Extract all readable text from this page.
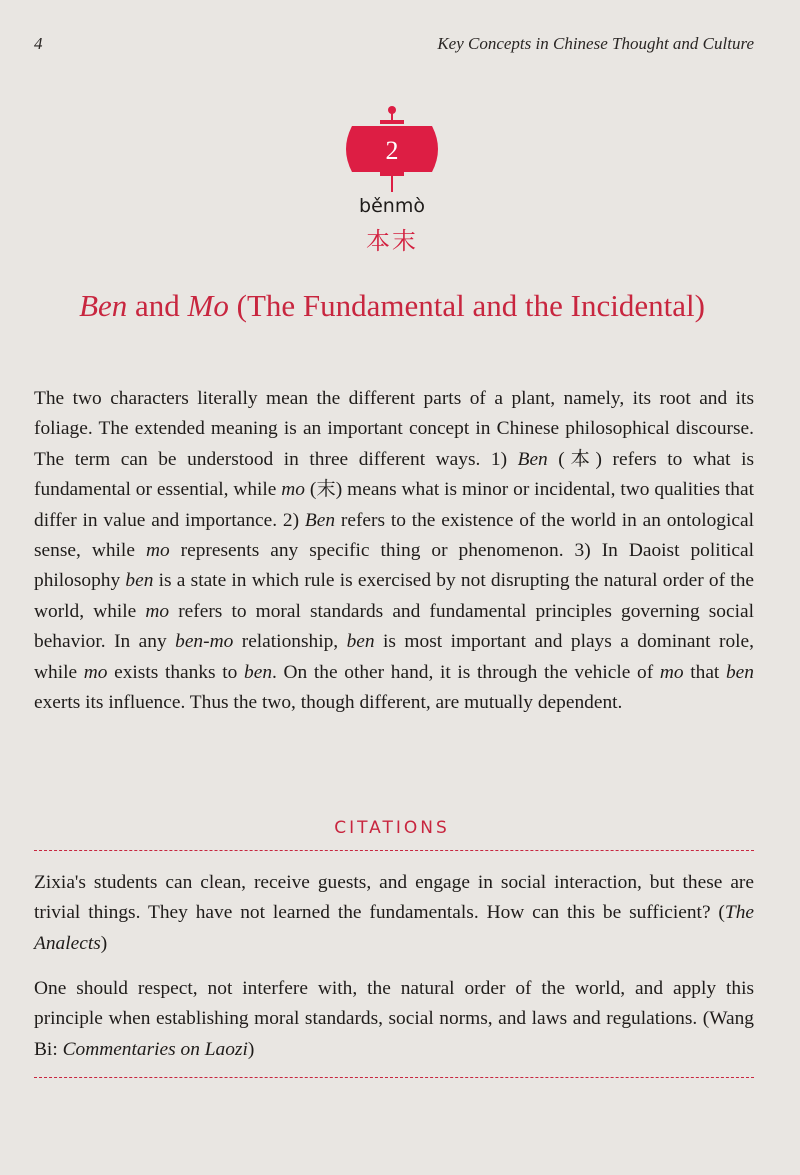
4	Key Concepts in Chinese Thought and Culture
2
běnmò
本末
Ben and Mo (The Fundamental and the Incidental)

The two characters literally mean the different parts of a plant, namely, its root and its foliage. The extended meaning is an important concept in Chinese philosophical discourse. The term can be understood in three different ways. 1) Ben (本) refers to what is fundamental or essential, while mo (末) means what is minor or incidental, two qualities that differ in value and importance. 2) Ben refers to the existence of the world in an ontological sense, while mo represents any specific thing or phenomenon. 3) In Daoist political philosophy ben is a state in which rule is exercised by not disrupting the natural order of the world, while mo refers to moral standards and fundamental principles governing social behavior. In any ben-mo relationship, ben is most important and plays a dominant role, while mo exists thanks to ben. On the other hand, it is through the vehicle of mo that ben exerts its influence. Thus the two, though different, are mutually dependent.

CITATIONS
Zixia's students can clean, receive guests, and engage in social interaction, but these are trivial things. They have not learned the fundamentals. How can this be sufficient? (The Analects)
One should respect, not interfere with, the natural order of the world, and apply this principle when establishing moral standards, social norms, and laws and regulations. (Wang Bi: Commentaries on Laozi)
